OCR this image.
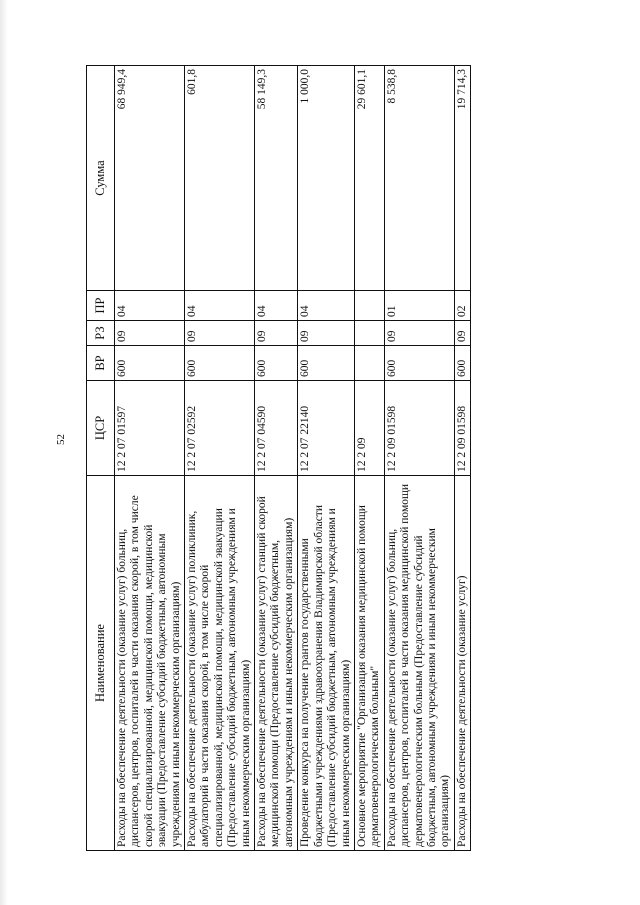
52
Наименование	ЦСР	ВР	РЗ	ПР	Сумма
Расходы на обеспечение деятельности (оказание услуг) больниц, диспансеров, центров, госпиталей в части оказания скорой, в том числе скорой специализированной, медицинской помощи, медицинской эвакуации (Предоставление субсидий бюджетным, автономным учреждениям и иным некоммерческим организациям)	12 2 07 01597	600	09	04	68 949,4
Расходы на обеспечение деятельности (оказание услуг) поликлиник, амбулаторий в части оказания скорой, в том числе скорой специализированной, медицинской помощи, медицинской эвакуации (Предоставление субсидий бюджетным, автономным учреждениям и иным некоммерческим организациям)	12 2 07 02592	600	09	04	601,8
Расходы на обеспечение деятельности (оказание услуг) станций скорой медицинской помощи (Предоставление субсидий бюджетным, автономным учреждениям и иным некоммерческим организациям)	12 2 07 04590	600	09	04	58 149,3
Проведение конкурса на получение грантов государственными бюджетными учреждениями здравоохранения Владимирской области (Предоставление субсидий бюджетным, автономным учреждениям и иным некоммерческим организациям)	12 2 07 22140	600	09	04	1 000,0
Основное мероприятие "Организация оказания медицинской помощи дерматовенерологическим больным"	12 2 09				29 601,1
Расходы на обеспечение деятельности (оказание услуг) больниц, диспансеров, центров, госпиталей в части оказания медицинской помощи дерматовенерологическим больным (Предоставление субсидий бюджетным, автономным учреждениям и иным некоммерческим организациям)	12 2 09 01598	600	09	01	8 538,8
Расходы на обеспечение деятельности (оказание услуг)	12 2 09 01598	600	09	02	19 714,3
